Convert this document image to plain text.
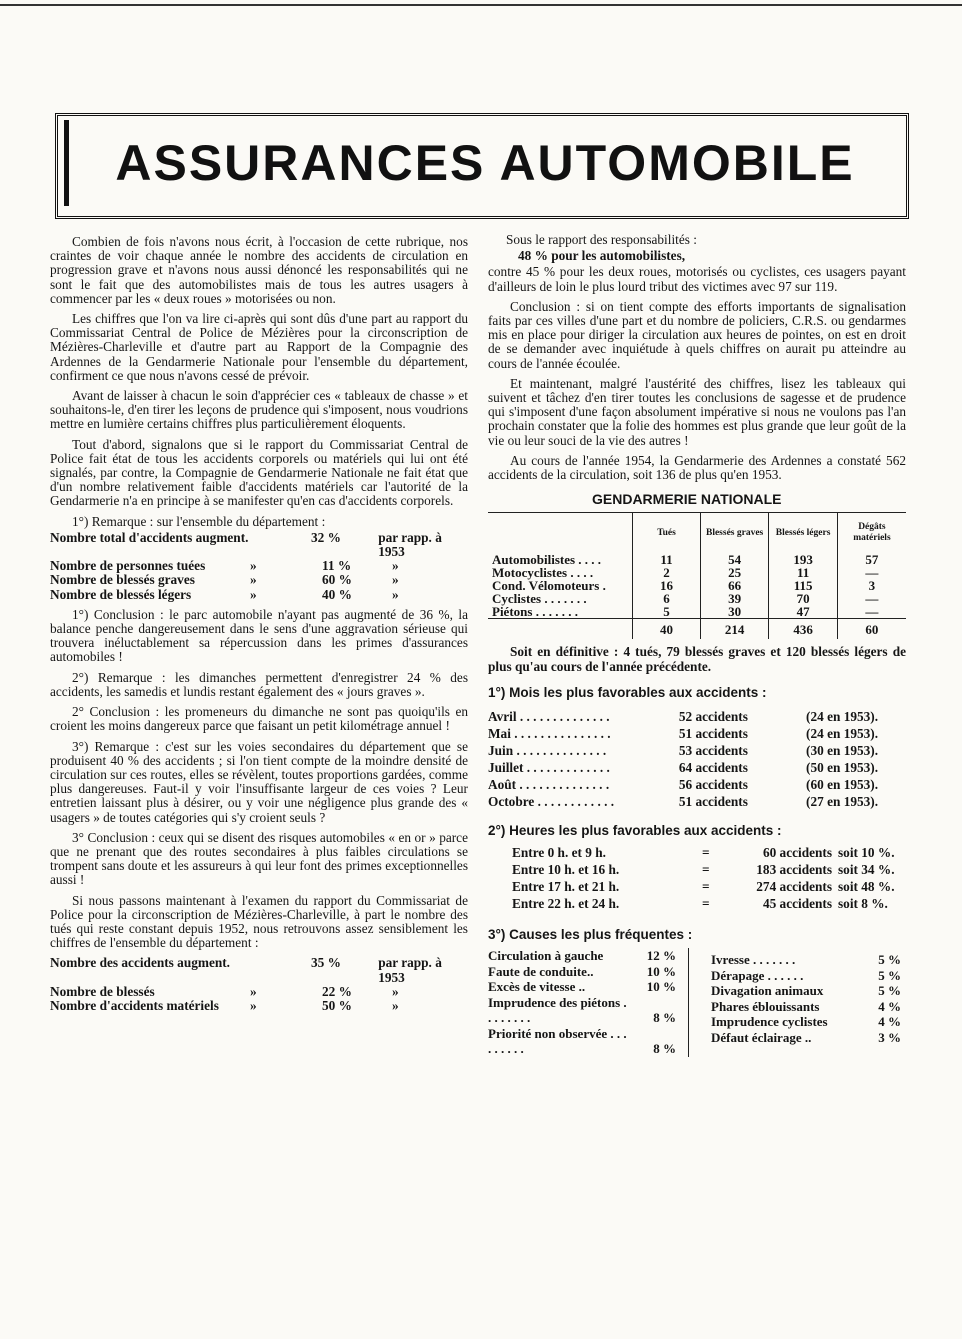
ASSURANCES AUTOMOBILE

Combien de fois n'avons nous écrit, à l'occasion de cette rubrique, nos craintes de voir chaque année le nombre des accidents de circulation en progression grave et n'avons nous aussi dénoncé les responsabilités qui ne sont le fait que des automobilistes mais de tous les autres usagers à commencer par les « deux roues » motorisées ou non.

Les chiffres que l'on va lire ci-après qui sont dûs d'une part au rapport du Commissariat Central de Police de Mézières pour la circonscription de Mézières-Charleville et d'autre part au Rapport de la Compagnie des Ardennes de la Gendarmerie Nationale pour l'ensemble du département, confirment ce que nous n'avons cessé de prévoir.

Avant de laisser à chacun le soin d'apprécier ces « tableaux de chasse » et souhaitons-le, d'en tirer les leçons de prudence qui s'imposent, nous voudrions mettre en lumière certains chiffres plus particulièrement éloquents.

Tout d'abord, signalons que si le rapport du Commissariat Central de Police fait état de tous les accidents corporels ou matériels qui lui ont été signalés, par contre, la Compagnie de Gendarmerie Nationale ne fait état que d'un nombre relativement faible d'accidents matériels car l'autorité de la Gendarmerie n'a en principe à se manifester qu'en cas d'accidents corporels.

1°) Remarque : sur l'ensemble du département :

Nombre total d'accidents augment.	32 %	par rapp. à 1953
Nombre de personnes tuées	»	11 %	»
Nombre de blessés graves	»	60 %	»
Nombre de blessés légers	»	40 %	»

1°) Conclusion : le parc automobile n'ayant pas augmenté de 36 %, la balance penche dangereusement dans le sens d'une aggravation sérieuse qui trouvera inéluctablement sa répercussion dans les primes d'assurances automobiles !

2°) Remarque : les dimanches permettent d'enregistrer 24 % des accidents, les samedis et lundis restant également des « jours graves ».

2° Conclusion : les promeneurs du dimanche ne sont pas quoiqu'ils en croient les moins dangereux parce que faisant un petit kilométrage annuel !

3°) Remarque : c'est sur les voies secondaires du département que se produisent 40 % des accidents ; si l'on tient compte de la moindre densité de circulation sur ces routes, elles se révèlent, toutes proportions gardées, comme plus dangereuses. Faut-il y voir l'insuffisante largeur de ces voies ? Leur entretien laissant plus à désirer, ou y voir une négligence plus grande des « usagers » de toutes catégories qui s'y croient seuls ?

3° Conclusion : ceux qui se disent des risques automobiles « en or » parce que ne prenant que des routes secondaires à plus faibles circulations se trompent sans doute et les assureurs à qui leur font des primes exceptionnelles aussi !

Si nous passons maintenant à l'examen du rapport du Commissariat de Police pour la circonscription de Mézières-Charleville, à part le nombre des tués qui reste constant depuis 1952, nous retrouvons assez sensiblement les chiffres de l'ensemble du département :

Nombre des accidents augment.	35 %	par rapp. à 1953
Nombre de blessés	»	22 %	»
Nombre d'accidents matériels	»	50 %	»

Sous le rapport des responsabilités :

48 % pour les automobilistes,

contre 45 % pour les deux roues, motorisés ou cyclistes, ces usagers payant d'ailleurs de loin le plus lourd tribut des victimes avec 97 sur 119.

Conclusion : si on tient compte des efforts importants de signalisation faits par ces villes d'une part et du nombre de policiers, C.R.S. ou gendarmes mis en place pour diriger la circulation aux heures de pointes, on est en droit de se demander avec inquiétude à quels chiffres on aurait pu atteindre au cours de l'année écoulée.

Et maintenant, malgré l'austérité des chiffres, lisez les tableaux qui suivent et tâchez d'en tirer toutes les conclusions de sagesse et de prudence qui s'imposent d'une façon absolument impérative si nous ne voulons pas l'an prochain constater que la folie des hommes est plus grande que leur goût de la vie ou leur souci de la vie des autres !

Au cours de l'année 1954, la Gendarmerie des Ardennes a constaté 562 accidents de la circulation, soit 136 de plus qu'en 1953.

GENDARMERIE NATIONALE
	Tués	Blessés graves	Blessés légers	Dégâts matériels
Automobilistes . . . .	11	54	193	57
Motocyclistes . . . .	2	25	11	—
Cond. Vélomoteurs .	16	66	115	3
Cyclistes . . . . . . .	6	39	70	—
Piétons . . . . . . .	5	30	47	—
	40	214	436	60

Soit en définitive : 4 tués, 79 blessés graves et 120 blessés légers de plus qu'au cours de l'année précédente.

1°) Mois les plus favorables aux accidents :
Avril . . . . . . . . . . . . . .	52 accidents	(24 en 1953).
Mai . . . . . . . . . . . . . . .	51 accidents	(24 en 1953).
Juin . . . . . . . . . . . . . .	53 accidents	(30 en 1953).
Juillet . . . . . . . . . . . . .	64 accidents	(50 en 1953).
Août . . . . . . . . . . . . . .	56 accidents	(60 en 1953).
Octobre . . . . . . . . . . . .	51 accidents	(27 en 1953).
2°) Heures les plus favorables aux accidents :
Entre 0 h. et 9 h.	=	60 accidents soit 10 %.
Entre 10 h. et 16 h.	=	183 accidents soit 34 %.
Entre 17 h. et 21 h.	=	274 accidents soit 48 %.
Entre 22 h. et 24 h.	=	45 accidents soit 8 %.
3°) Causes les plus fréquentes :
Circulation à gauche	12 %
Faute de conduite..	10 %
Excès de vitesse ..	10 %
Imprudence des piétons . . . . . . . .	8 %
Priorité non observée . . . . . . . . .	8 %
Ivresse . . . . . . .	5 %
Dérapage . . . . . .	5 %
Divagation animaux	5 %
Phares éblouissants	4 %
Imprudence cyclistes	4 %
Défaut éclairage ..	3 %
